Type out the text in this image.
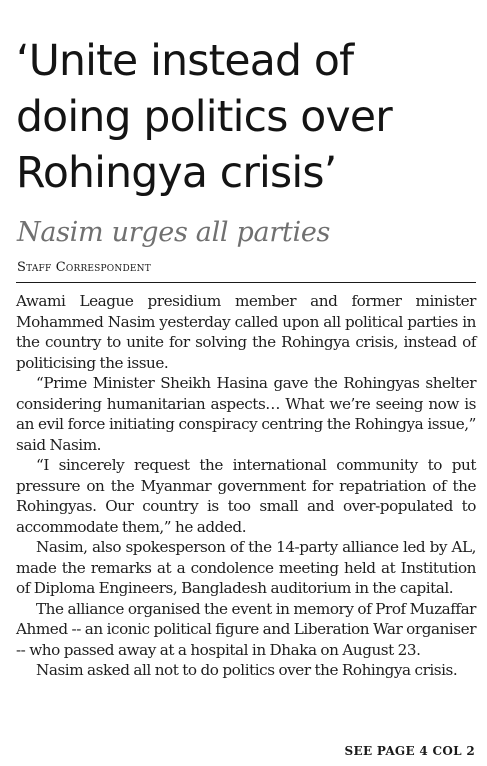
‘Unite instead of
doing politics over
Rohingya crisis’
Nasim urges all parties
Staff Correspondent

Awami League presidium member and former minister Mohammed Nasim yesterday called upon all political parties in the country to unite for solving the Rohingya crisis, instead of politicising the issue.

“Prime Minister Sheikh Hasina gave the Rohingyas shelter considering humanitarian aspects… What we’re seeing now is an evil force initiating conspiracy centring the Rohingya issue,” said Nasim.

“I sincerely request the international community to put pressure on the Myanmar government for repatriation of the Rohingyas. Our country is too small and over-populated to accommodate them,” he added.

Nasim, also spokesperson of the 14-party alliance led by AL, made the remarks at a condolence meeting held at Institution of Diploma Engineers, Bangladesh auditorium in the capital.

The alliance organised the event in memory of Prof Muzaffar Ahmed -- an iconic political figure and Liberation War organiser -- who passed away at a hospital in Dhaka on August 23.

Nasim asked all not to do politics over the Rohingya crisis.

SEE PAGE 4 COL 2
